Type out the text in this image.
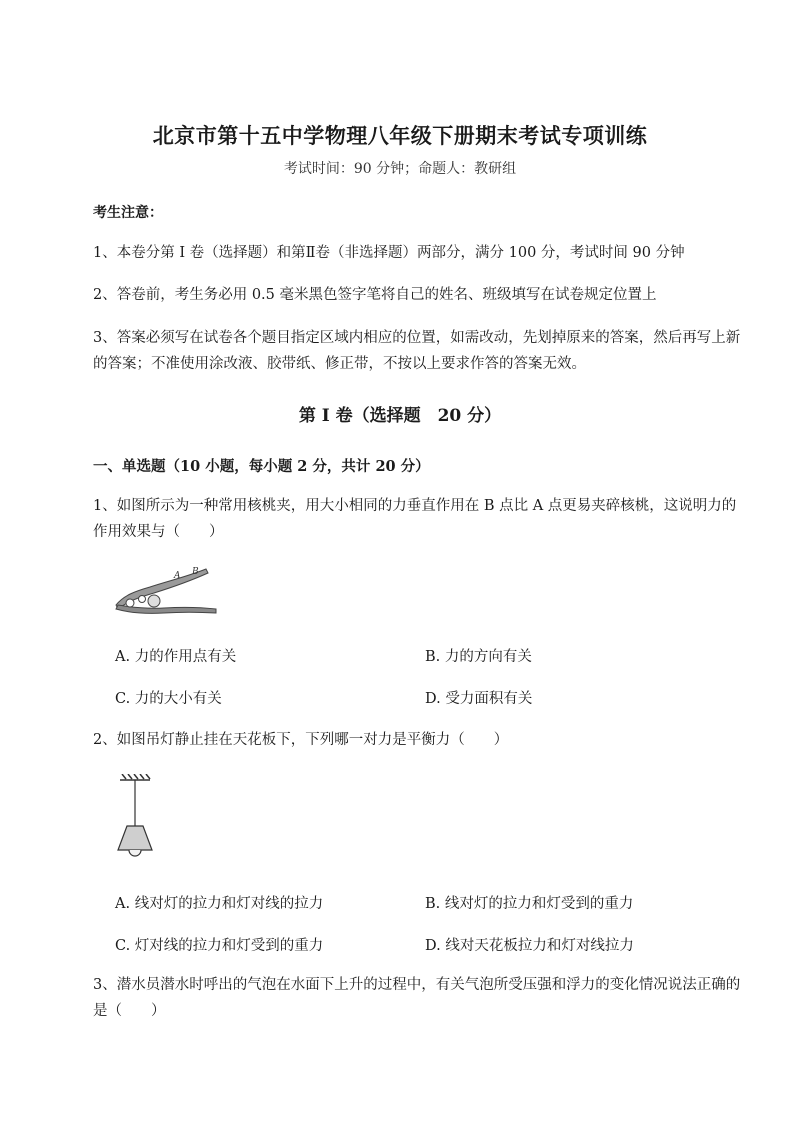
北京市第十五中学物理八年级下册期末考试专项训练
考试时间：90 分钟；命题人：教研组
考生注意：
1、本卷分第 I 卷（选择题）和第Ⅱ卷（非选择题）两部分，满分 100 分，考试时间 90 分钟
2、答卷前，考生务必用 0.5 毫米黑色签字笔将自己的姓名、班级填写在试卷规定位置上
3、答案必须写在试卷各个题目指定区域内相应的位置，如需改动，先划掉原来的答案，然后再写上新的答案；不准使用涂改液、胶带纸、修正带，不按以上要求作答的答案无效。
第 I 卷（选择题　20 分）
一、单选题（10 小题，每小题 2 分，共计 20 分）
1、如图所示为一种常用核桃夹，用大小相同的力垂直作用在 B 点比 A 点更易夹碎核桃，这说明力的作用效果与（　　）
A B
A. 力的作用点有关	B. 力的方向有关
C. 力的大小有关	D. 受力面积有关
2、如图吊灯静止挂在天花板下，下列哪一对力是平衡力（　　）
A. 线对灯的拉力和灯对线的拉力	B. 线对灯的拉力和灯受到的重力
C. 灯对线的拉力和灯受到的重力	D. 线对天花板拉力和灯对线拉力
3、潜水员潜水时呼出的气泡在水面下上升的过程中，有关气泡所受压强和浮力的变化情况说法正确的是（　　）
